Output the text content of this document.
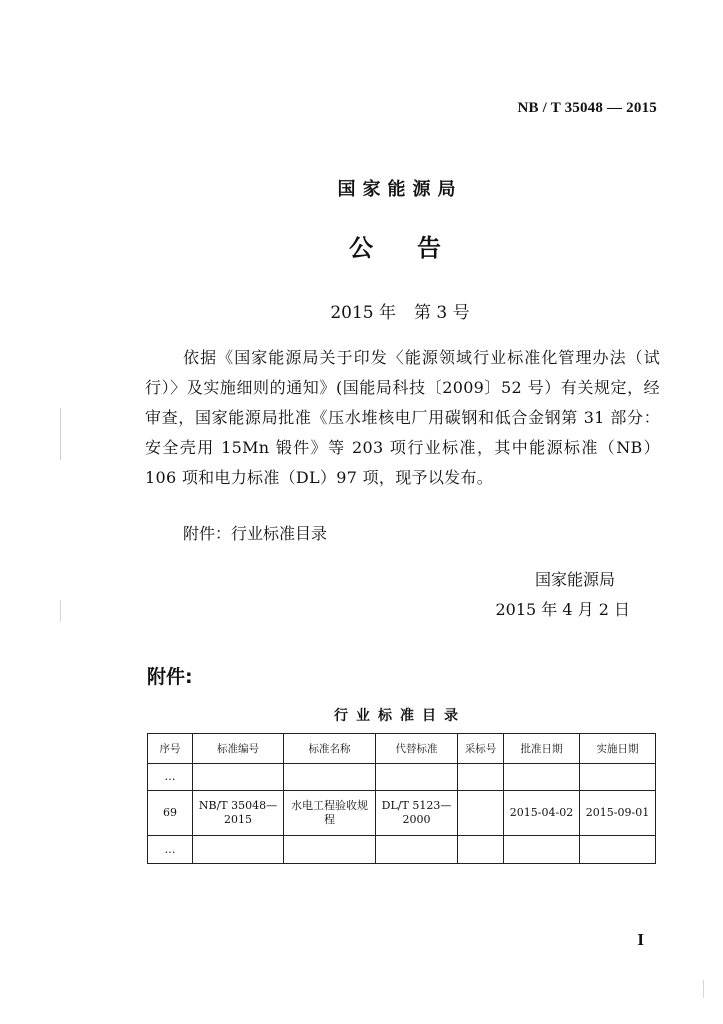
NB / T 35048 — 2015
国家能源局
公 告
2015 年 第 3 号
依据《国家能源局关于印发〈能源领域行业标准化管理办法（试行）〉及实施细则的通知》(国能局科技〔2009〕52 号）有关规定，经审查，国家能源局批准《压水堆核电厂用碳钢和低合金钢第 31 部分：安全壳用 15Mn 锻件》等 203 项行业标准，其中能源标准（NB）106 项和电力标准（DL）97 项，现予以发布。
附件：行业标准目录
国家能源局
2015 年 4 月 2 日
附件:
行业标准目录
序号	标准编号	标准名称	代替标准	采标号	批准日期	实施日期
…						
69	NB/T 35048—2015	水电工程验收规程	DL/T 5123—2000		2015-04-02	2015-09-01
…						
I
